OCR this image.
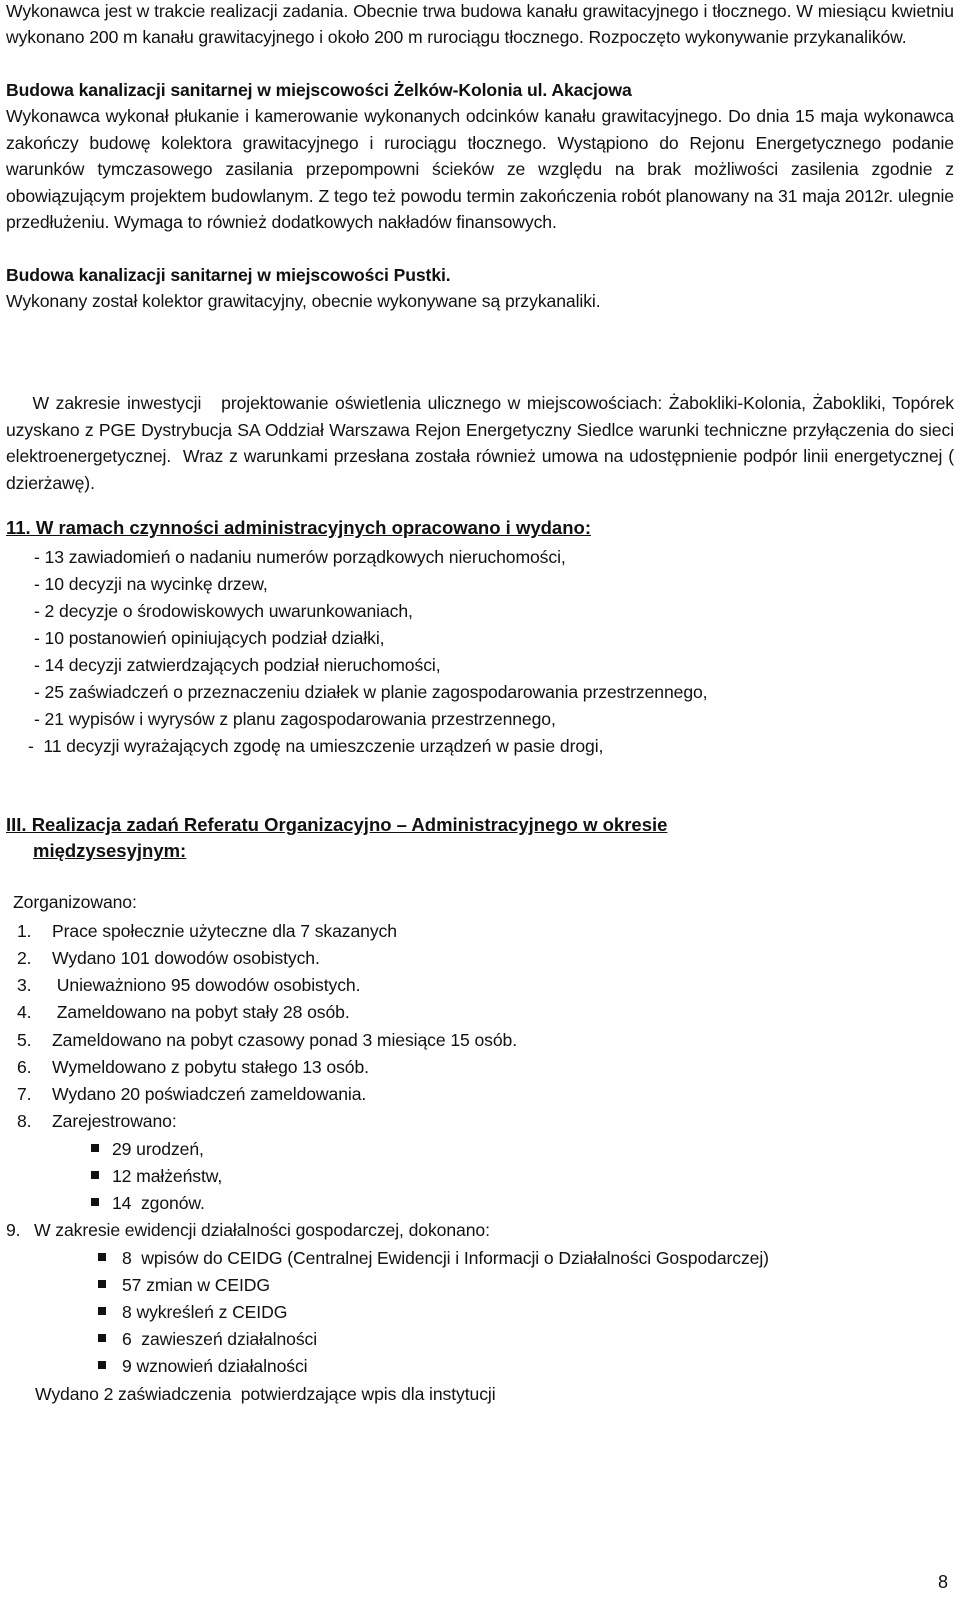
Wykonawca jest w trakcie realizacji zadania. Obecnie trwa budowa kanału grawitacyjnego i tłocznego. W miesiącu kwietniu wykonano 200 m kanału grawitacyjnego i około 200 m rurociągu tłocznego. Rozpoczęto wykonywanie przykanalików.
Budowa kanalizacji sanitarnej w miejscowości Żelków-Kolonia ul. Akacjowa
Wykonawca wykonał płukanie i kamerowanie wykonanych odcinków kanału grawitacyjnego. Do dnia 15 maja wykonawca zakończy budowę kolektora grawitacyjnego i rurociągu tłocznego. Wystąpiono do Rejonu Energetycznego podanie warunków tymczasowego zasilania przepompowni ścieków ze względu na brak możliwości zasilenia zgodnie z obowiązującym projektem budowlanym. Z tego też powodu termin zakończenia robót planowany na 31 maja 2012r. ulegnie przedłużeniu. Wymaga to również dodatkowych nakładów finansowych.
Budowa kanalizacji sanitarnej w miejscowości Pustki.
Wykonany został kolektor grawitacyjny, obecnie wykonywane są przykanaliki.

W zakresie inwestycji   projektowanie oświetlenia ulicznego w miejscowościach: Żabokliki-Kolonia, Żabokliki, Topórek uzyskano z PGE Dystrybucja SA Oddział Warszawa Rejon Energetyczny Siedlce warunki techniczne przyłączenia do sieci elektroenergetycznej.  Wraz z warunkami przesłana została również umowa na udostępnienie podpór linii energetycznej ( dzierżawę).

11. W ramach czynności administracyjnych opracowano i wydano:
- 13 zawiadomień o nadaniu numerów porządkowych nieruchomości,
- 10 decyzji na wycinkę drzew,
- 2 decyzje o środowiskowych uwarunkowaniach,
- 10 postanowień opiniujących podział działki,
- 14 decyzji zatwierdzających podział nieruchomości,
- 25 zaświadczeń o przeznaczeniu działek w planie zagospodarowania przestrzennego,
- 21 wypisów i wyrysów z planu zagospodarowania przestrzennego,
-  11 decyzji wyrażających zgodę na umieszczenie urządzeń w pasie drogi,
III. Realizacja zadań Referatu Organizacyjno – Administracyjnego w okresie
międzysesyjnym:
Zorganizowano:
1. Prace społecznie użyteczne dla 7 skazanych
2. Wydano 101 dowodów osobistych.
3. Unieważniono 95 dowodów osobistych.
4. Zameldowano na pobyt stały 28 osób.
5. Zameldowano na pobyt czasowy ponad 3 miesiące 15 osób.
6. Wymeldowano z pobytu stałego 13 osób.
7. Wydano 20 poświadczeń zameldowania.
8. Zarejestrowano:
29 urodzeń,
12 małżeństw,
14  zgonów.
9. W zakresie ewidencji działalności gospodarczej, dokonano:
8  wpisów do CEIDG (Centralnej Ewidencji i Informacji o Działalności Gospodarczej)
57 zmian w CEIDG
8 wykreśleń z CEIDG
6  zawieszeń działalności
9 wznowień działalności
Wydano 2 zaświadczenia  potwierdzające wpis dla instytucji
8
